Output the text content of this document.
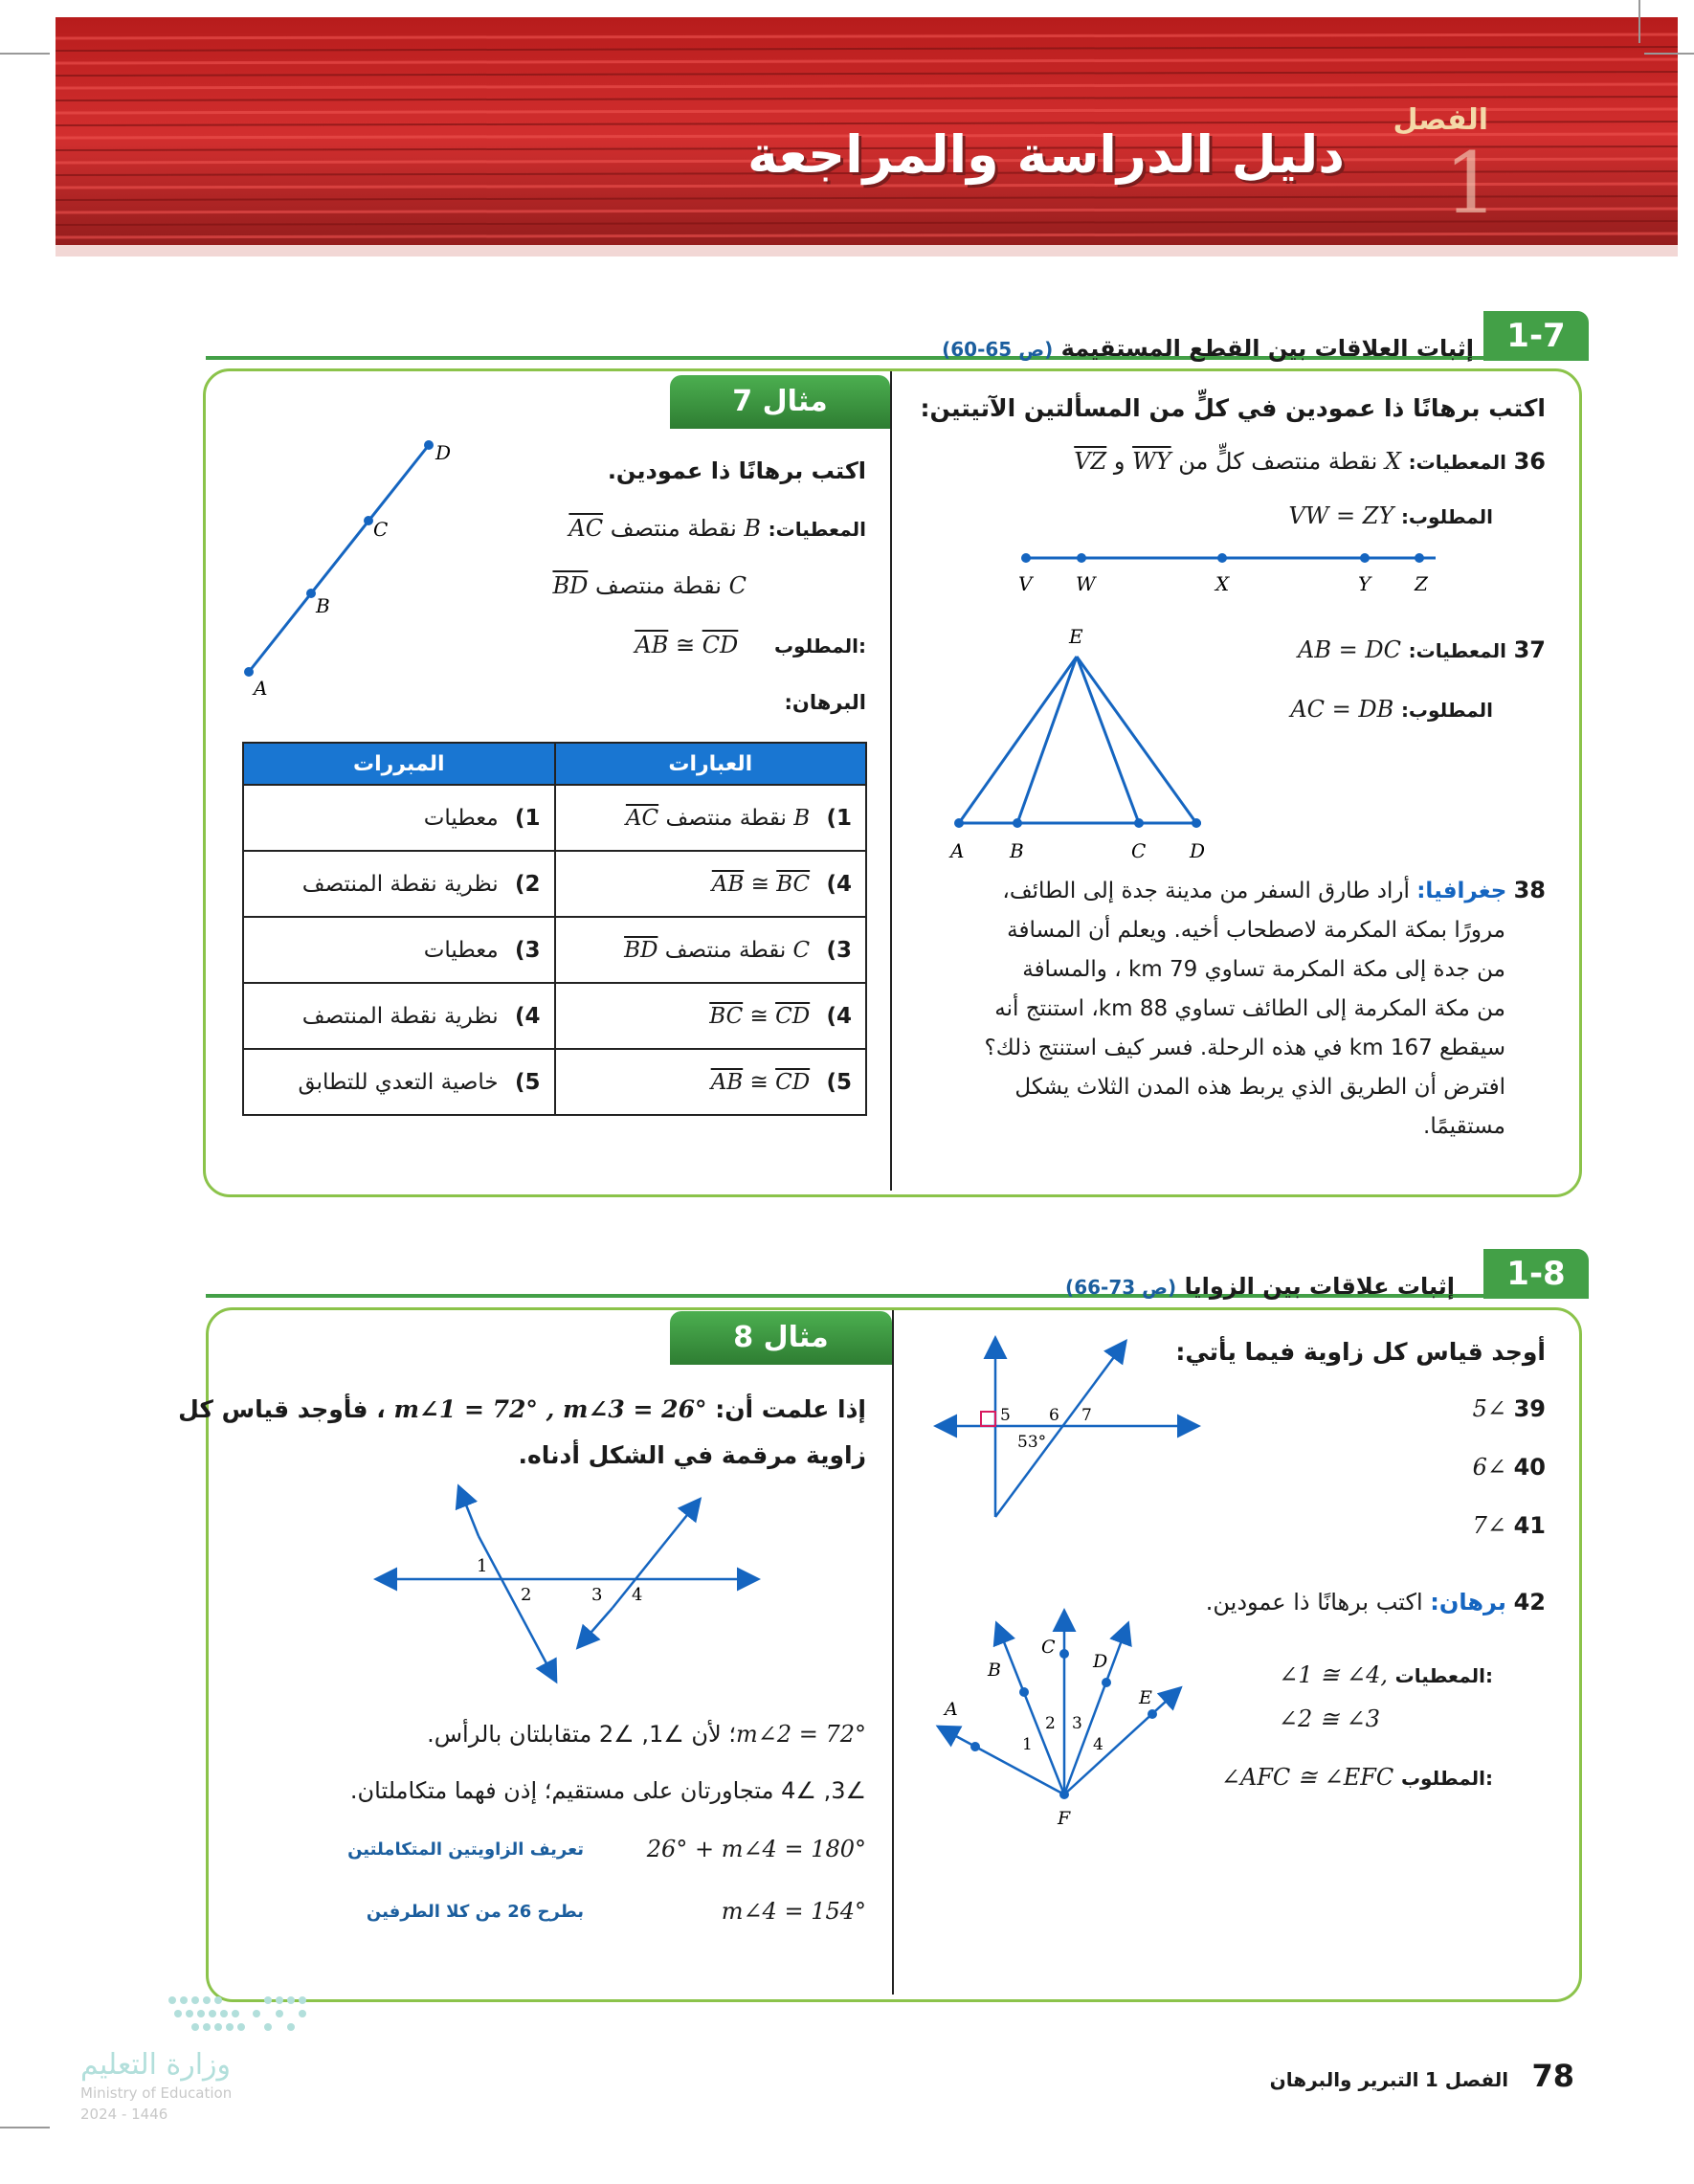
الفصل
1
دليل الدراسة والمراجعة
1-7
إثبات العلاقات بين القطع المستقيمة (ص 65-60)
اكتب برهانًا ذا عمودين في كلٍّ من المسألتين الآتيتين:
36 المعطيات: X نقطة منتصف كلٍّ من WY و VZ
المطلوب: VW = ZY
V W	X	Y Z
37 المعطيات: AB = DC
المطلوب: AC = DB
E
A B	C D
38 جغرافيا: أراد طارق السفر من مدينة جدة إلى الطائف،
مرورًا بمكة المكرمة لاصطحاب أخيه. ويعلم أن المسافة
من جدة إلى مكة المكرمة تساوي 79 km ، والمسافة
من مكة المكرمة إلى الطائف تساوي 88 km، استنتج أنه
سيقطع 167 km في هذه الرحلة. فسر كيف استنتج ذلك؟
افترض أن الطريق الذي يربط هذه المدن الثلاث يشكل
مستقيمًا.
مثال 7
اكتب برهانًا ذا عمودين.
المعطيات: B نقطة منتصف AC
C نقطة منتصف BD
$\overline{AB}$ ≅ $\overline{CD}$ المطلوب:
البرهان:
D
C
B
A
العبارات	المبررات
1) B نقطة منتصف AC	1) معطيات
4) $\overline{AB}$ ≅ $\overline{BC}$	2) نظرية نقطة المنتصف
3) C نقطة منتصف BD	3) معطيات
4) $\overline{BC}$ ≅ $\overline{CD}$	4) نظرية نقطة المنتصف
5) $\overline{AB}$ ≅ $\overline{CD}$	5) خاصية التعدي للتطابق
1-8
إثبات علاقات بين الزوايا (ص 73-66)
أوجد قياس كل زاوية فيما يأتي:
39 ∠5
40 ∠6
41 ∠7
5 6 7
53°
42 برهان: اكتب برهانًا ذا عمودين.
∠1 ≅ ∠4, المعطيات:
∠2 ≅ ∠3
∠AFC ≅ ∠EFC المطلوب:
A
B
C
D
E
F
1
2 3
4
مثال 8
إذا علمت أن: m∠1 = 72° , m∠3 = 26° ، فأوجد قياس كل
زاوية مرقمة في الشكل أدناه.
1
2	3 4
m∠2 = 72°؛ لأن ∠1, ∠2 متقابلتان بالرأس.
∠3, ∠4 متجاورتان على مستقيم؛ إذن فهما متكاملتان.
26° + m∠4 = 180°
تعريف الزاويتين المتكاملتين
m∠4 = 154°
بطرح 26 من كلا الطرفين
وزارة التعليم
Ministry of Education
2024 - 1446
78 الفصل 1 التبرير والبرهان
